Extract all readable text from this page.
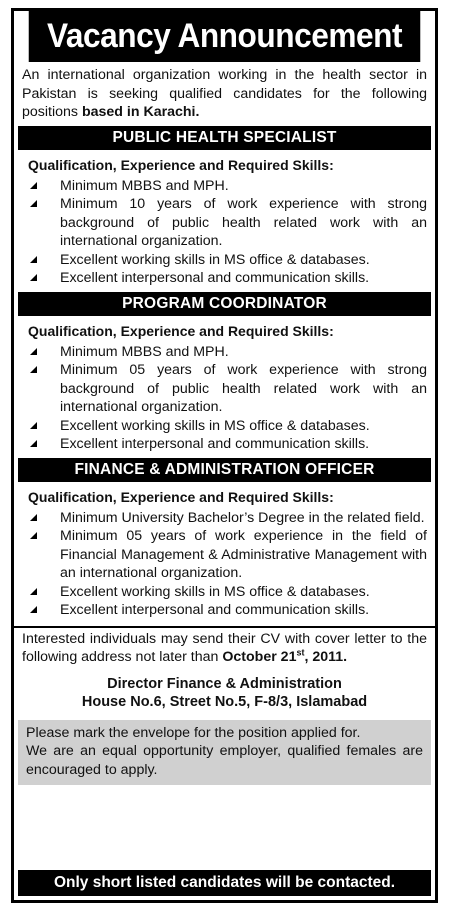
Vacancy Announcement
An international organization working in the health sector in Pakistan is seeking qualified candidates for the following positions based in Karachi.
PUBLIC HEALTH SPECIALIST
Qualification, Experience and Required Skills:
Minimum MBBS and MPH.
Minimum 10 years of work experience with strong background of public health related work with an international organization.
Excellent working skills in MS office & databases.
Excellent interpersonal and communication skills.
PROGRAM COORDINATOR
Qualification, Experience and Required Skills:
Minimum MBBS and MPH.
Minimum 05 years of work experience with strong background of public health related work with an international organization.
Excellent working skills in MS office & databases.
Excellent interpersonal and communication skills.
FINANCE & ADMINISTRATION OFFICER
Qualification, Experience and Required Skills:
Minimum University Bachelor’s Degree in the related field.
Minimum 05 years of work experience in the field of Financial Management & Administrative Management with an international organization.
Excellent working skills in MS office & databases.
Excellent interpersonal and communication skills.
Interested individuals may send their CV with cover letter to the following address not later than October 21st, 2011.
Director Finance & Administration
House No.6, Street No.5, F-8/3, Islamabad
Please mark the envelope for the position applied for.
We are an equal opportunity employer, qualified females are encouraged to apply.
Only short listed candidates will be contacted.
